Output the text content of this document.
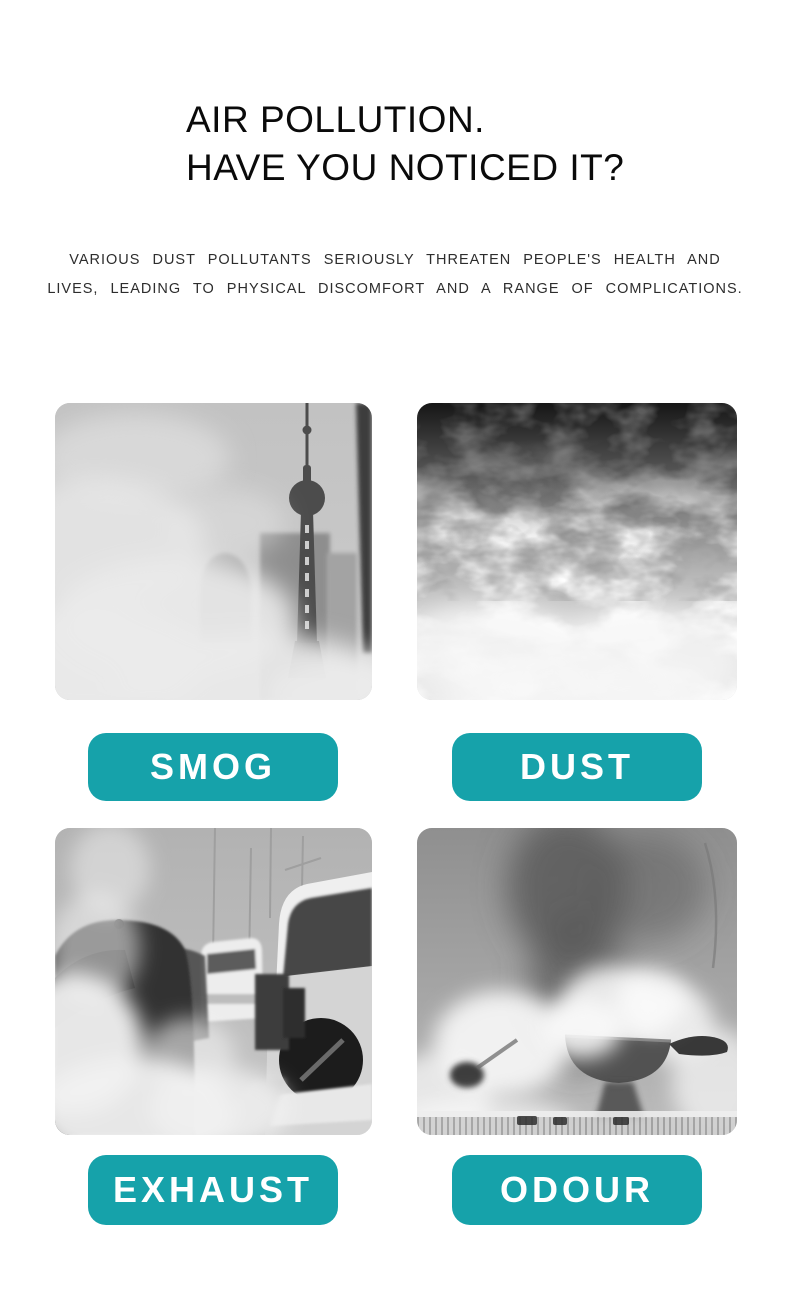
AIR POLLUTION.
HAVE YOU NOTICED IT?

VARIOUS DUST POLLUTANTS SERIOUSLY THREATEN PEOPLE'S HEALTH AND
LIVES, LEADING TO PHYSICAL DISCOMFORT AND A RANGE OF COMPLICATIONS.

SMOG	DUST
EXHAUST	ODOUR
